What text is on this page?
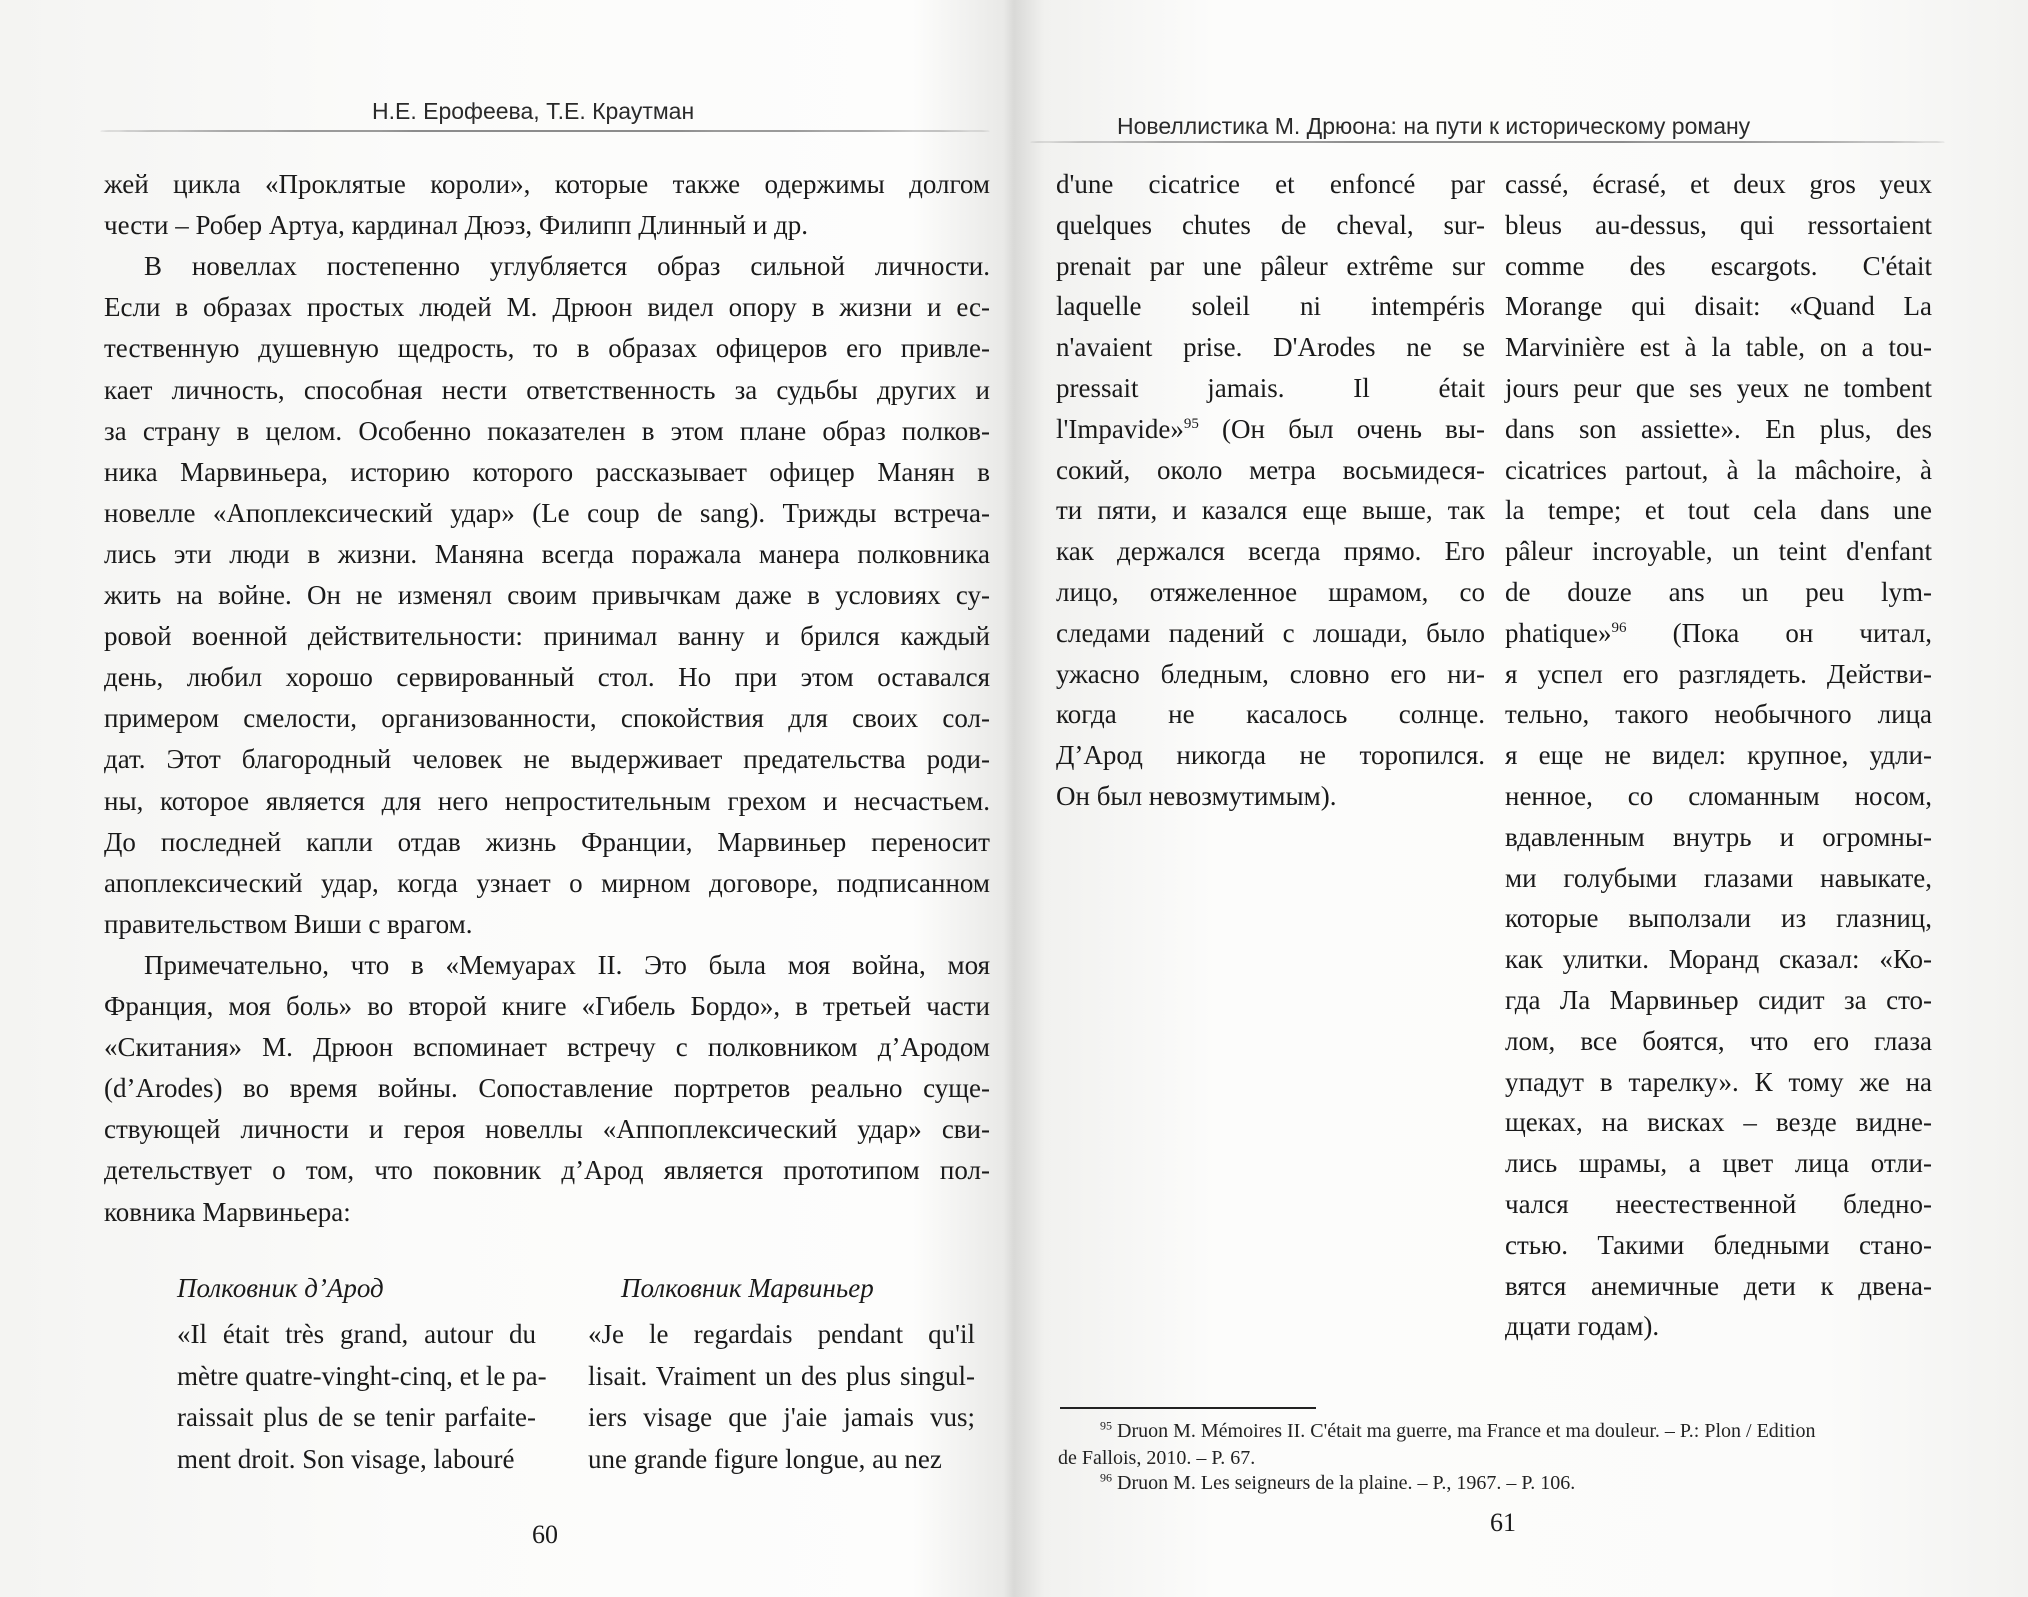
Н.Е. Ерофеева, Т.Е. Краутман
жей цикла «Проклятые короли», которые также одержимы долгом
чести – Робер Артуа, кардинал Дюэз, Филипп Длинный и др.
В новеллах постепенно углубляется образ сильной личности.
Если в образах простых людей М. Дрюон видел опору в жизни и ес-
тественную душевную щедрость, то в образах офицеров его привле-
кает личность, способная нести ответственность за судьбы других и
за страну в целом. Особенно показателен в этом плане образ полков-
ника Марвиньера, историю которого рассказывает офицер Манян в
новелле «Апоплексический удар» (Le coup de sang). Трижды встреча-
лись эти люди в жизни. Маняна всегда поражала манера полковника
жить на войне. Он не изменял своим привычкам даже в условиях су-
ровой военной действительности: принимал ванну и брился каждый
день, любил хорошо сервированный стол. Но при этом оставался
примером смелости, организованности, спокойствия для своих сол-
дат. Этот благородный человек не выдерживает предательства роди-
ны, которое является для него непростительным грехом и несчастьем.
До последней капли отдав жизнь Франции, Марвиньер переносит
апоплексический удар, когда узнает о мирном договоре, подписанном
правительством Виши с врагом.
Примечательно, что в «Мемуарах II. Это была моя война, моя
Франция, моя боль» во второй книге «Гибель Бордо», в третьей части
«Скитания» М. Дрюон вспоминает встречу с полковником д’Ародом
(d’Arodes) во время войны. Сопоставление портретов реально суще-
ствующей личности и героя новеллы «Аппоплексический удар» сви-
детельствует о том, что поковник д’Арод является прототипом пол-
ковника Марвиньера:
Полковник д’Арод	Полковник Марвиньер
«Il était très grand, autour du
mètre quatre-vinght-cinq, et le pa-
raissait plus de se tenir parfaite-
ment droit. Son visage, labouré
«Je le regardais pendant qu'il
lisait. Vraiment un des plus singul-
iers visage que j'aie jamais vus;
une grande figure longue, au nez
60
Новеллистика М. Дрюона: на пути к историческому роману
d'une cicatrice et enfoncé par
quelques chutes de cheval, sur-
prenait par une pâleur extrême sur
laquelle soleil ni intempéris
n'avaient prise. D'Arodes ne se
pressait jamais. Il était
l'Impavide»$^{95}$ (Он был очень вы-
сокий, около метра восьмидеся-
ти пяти, и казался еще выше, так
как держался всегда прямо. Его
лицо, отяжеленное шрамом, со
следами падений с лошади, было
ужасно бледным, словно его ни-
когда не касалось солнце.
Д’Арод никогда не торопился.
Он был невозмутимым).
cassé, écrasé, et deux gros yeux
bleus au-dessus, qui ressortaient
comme des escargots. C'était
Morange qui disait: «Quand La
Marvinière est à la table, on a tou-
jours peur que ses yeux ne tombent
dans son assiette». En plus, des
cicatrices partout, à la mâchoire, à
la tempe; et tout cela dans une
pâleur incroyable, un teint d'enfant
de douze ans un peu lym-
phatique»$^{96}$ (Пока он читал,
я успел его разглядеть. Действи-
тельно, такого необычного лица
я еще не видел: крупное, удли-
ненное, со сломанным носом,
вдавленным внутрь и огромны-
ми голубыми глазами навыкате,
которые выползали из глазниц,
как улитки. Моранд сказал: «Ко-
гда Ла Марвиньер сидит за сто-
лом, все боятся, что его глаза
упадут в тарелку». К тому же на
щеках, на висках – везде видне-
лись шрамы, а цвет лица отли-
чался неестественной бледно-
стью. Такими бледными стано-
вятся анемичные дети к двена-
дцати годам).
$^{95}$ Druon M. Mémoires II. C'était ma guerre, ma France et ma douleur. – P.: Plon / Edition
de Fallois, 2010. – P. 67.
$^{96}$ Druon M. Les seigneurs de la plaine. – P., 1967. – P. 106.
61
